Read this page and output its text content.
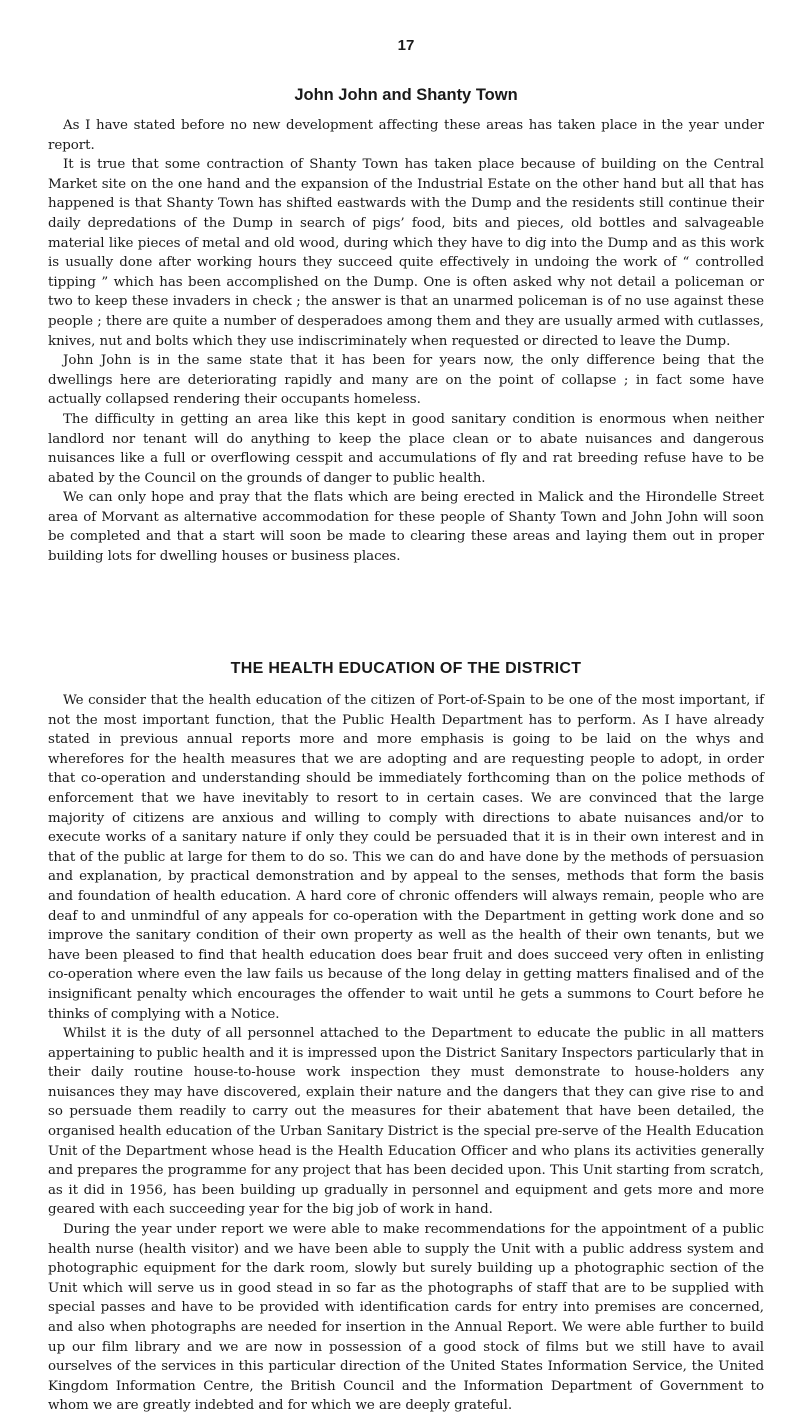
17

John John and Shanty Town

As I have stated before no new development affecting these areas has taken place in the year under report.

It is true that some contraction of Shanty Town has taken place because of building on the Central Market site on the one hand and the expansion of the Industrial Estate on the other hand but all that has happened is that Shanty Town has shifted eastwards with the Dump and the residents still continue their daily depredations of the Dump in search of pigs’ food, bits and pieces, old bottles and salvageable material like pieces of metal and old wood, during which they have to dig into the Dump and as this work is usually done after working hours they succeed quite effectively in undoing the work of “ controlled tipping ” which has been accomplished on the Dump. One is often asked why not detail a policeman or two to keep these invaders in check ; the answer is that an unarmed policeman is of no use against these people ; there are quite a number of desperadoes among them and they are usually armed with cutlasses, knives, nut and bolts which they use indiscriminately when requested or directed to leave the Dump.

John John is in the same state that it has been for years now, the only difference being that the dwellings here are deteriorating rapidly and many are on the point of collapse ; in fact some have actually collapsed rendering their occupants homeless.

The difficulty in getting an area like this kept in good sanitary condition is enormous when neither landlord nor tenant will do anything to keep the place clean or to abate nuisances and dangerous nuisances like a full or overflowing cesspit and accumulations of fly and rat breeding refuse have to be abated by the Council on the grounds of danger to public health.

We can only hope and pray that the flats which are being erected in Malick and the Hirondelle Street area of Morvant as alternative accommodation for these people of Shanty Town and John John will soon be completed and that a start will soon be made to clearing these areas and laying them out in proper building lots for dwelling houses or business places.

THE HEALTH EDUCATION OF THE DISTRICT

We consider that the health education of the citizen of Port-of-Spain to be one of the most important, if not the most important function, that the Public Health Department has to perform. As I have already stated in previous annual reports more and more emphasis is going to be laid on the whys and wherefores for the health measures that we are adopting and are requesting people to adopt, in order that co-operation and understanding should be immediately forthcoming than on the police methods of enforcement that we have inevitably to resort to in certain cases. We are convinced that the large majority of citizens are anxious and willing to comply with directions to abate nuisances and/or to execute works of a sanitary nature if only they could be persuaded that it is in their own interest and in that of the public at large for them to do so. This we can do and have done by the methods of persuasion and explanation, by practical demonstration and by appeal to the senses, methods that form the basis and foundation of health education. A hard core of chronic offenders will always remain, people who are deaf to and unmindful of any appeals for co-operation with the Department in getting work done and so improve the sanitary condition of their own property as well as the health of their own tenants, but we have been pleased to find that health education does bear fruit and does succeed very often in enlisting co-operation where even the law fails us because of the long delay in getting matters finalised and of the insignificant penalty which encourages the offender to wait until he gets a summons to Court before he thinks of complying with a Notice.

Whilst it is the duty of all personnel attached to the Department to educate the public in all matters appertaining to public health and it is impressed upon the District Sanitary Inspectors particularly that in their daily routine house-to-house work inspection they must demonstrate to house-holders any nuisances they may have discovered, explain their nature and the dangers that they can give rise to and so persuade them readily to carry out the measures for their abatement that have been detailed, the organised health education of the Urban Sanitary District is the special pre-serve of the Health Education Unit of the Department whose head is the Health Education Officer and who plans its activities generally and prepares the programme for any project that has been decided upon. This Unit starting from scratch, as it did in 1956, has been building up gradually in personnel and equipment and gets more and more geared with each succeeding year for the big job of work in hand.

During the year under report we were able to make recommendations for the appointment of a public health nurse (health visitor) and we have been able to supply the Unit with a public address system and photographic equipment for the dark room, slowly but surely building up a photographic section of the Unit which will serve us in good stead in so far as the photographs of staff that are to be supplied with special passes and have to be provided with identification cards for entry into premises are concerned, and also when photographs are needed for insertion in the Annual Report. We were able further to build up our film library and we are now in possession of a good stock of films but we still have to avail ourselves of the services in this particular direction of the United States Information Service, the United Kingdom Information Centre, the British Council and the Information Department of Government to whom we are greatly indebted and for which we are deeply grateful.
